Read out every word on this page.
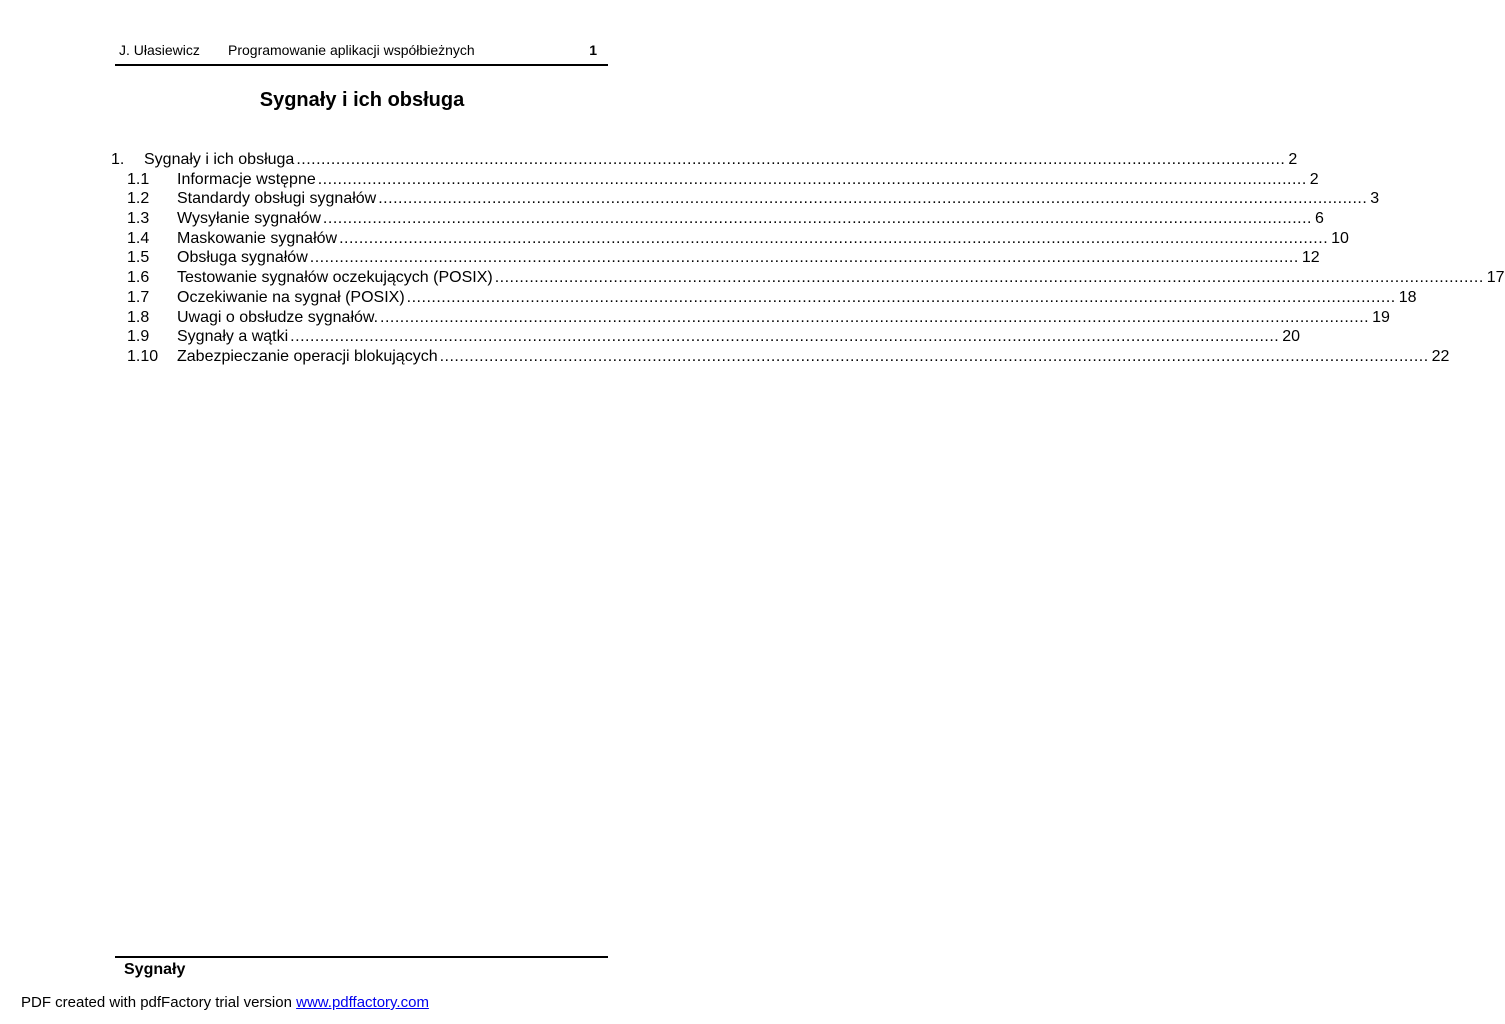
J. Ułasiewicz Programowanie aplikacji współbieżnych	1
Sygnały i ich obsługa
1. Sygnały i ich obsługa ........................................................................................................................................................................................................ 2
1.1 Informacje wstępne ........................................................................................................................................................................................................ 2
1.2 Standardy obsługi sygnałów ........................................................................................................................................................................................................ 3
1.3 Wysyłanie sygnałów ........................................................................................................................................................................................................ 6
1.4 Maskowanie sygnałów ........................................................................................................................................................................................................ 10
1.5 Obsługa sygnałów ........................................................................................................................................................................................................ 12
1.6 Testowanie sygnałów oczekujących (POSIX) ........................................................................................................................................................................................................ 17
1.7 Oczekiwanie na sygnał (POSIX) ........................................................................................................................................................................................................ 18
1.8 Uwagi o obsłudze sygnałów. ........................................................................................................................................................................................................ 19
1.9 Sygnały a wątki ........................................................................................................................................................................................................ 20
1.10 Zabezpieczanie operacji blokujących ........................................................................................................................................................................................................ 22
Sygnały
PDF created with pdfFactory trial version www.pdffactory.com
